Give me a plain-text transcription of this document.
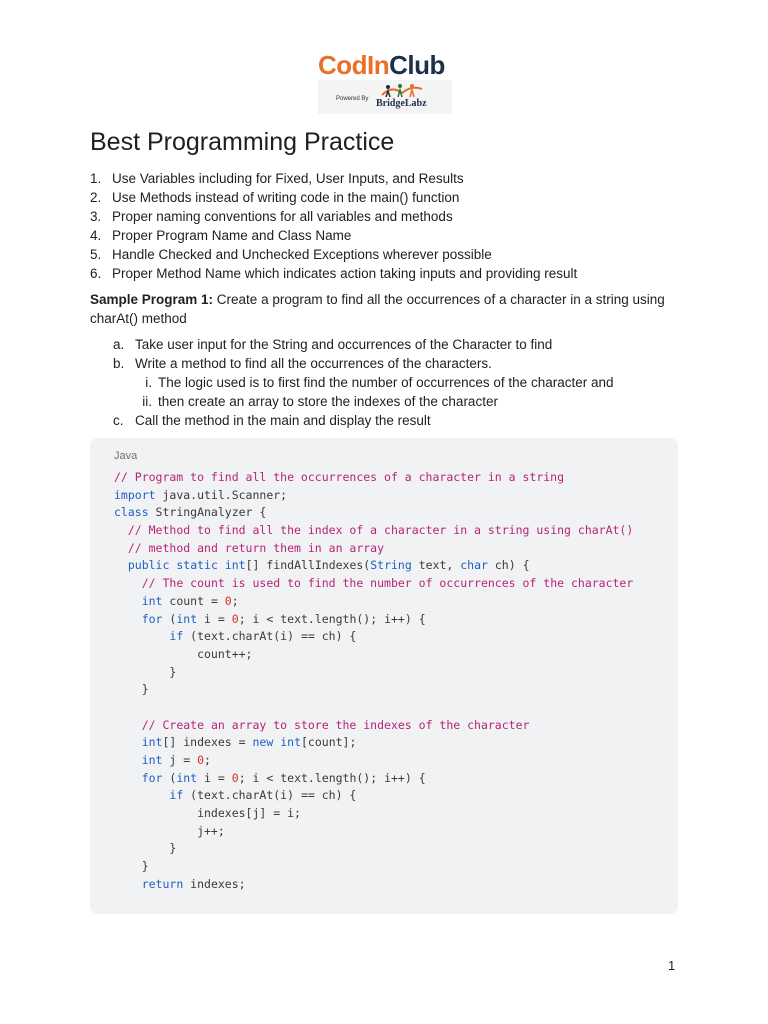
CodInClub
Powered By BridgeLabz
Best Programming Practice
1. Use Variables including for Fixed, User Inputs, and Results
2. Use Methods instead of writing code in the main() function
3. Proper naming conventions for all variables and methods
4. Proper Program Name and Class Name
5. Handle Checked and Unchecked Exceptions wherever possible
6. Proper Method Name which indicates action taking inputs and providing result
Sample Program 1: Create a program to find all the occurrences of a character in a string using charAt() method
a. Take user input for the String and occurrences of the Character to find
b. Write a method to find all the occurrences of the characters.
i. The logic used is to first find the number of occurrences of the character and
ii. then create an array to store the indexes of the character
c. Call the method in the main and display the result
Java
// Program to find all the occurrences of a character in a string
import java.util.Scanner;
class StringAnalyzer {
// Method to find all the index of a character in a string using charAt()
// method and return them in an array
public static int[] findAllIndexes(String text, char ch) {
// The count is used to find the number of occurrences of the character
int count = 0;
for (int i = 0; i < text.length(); i++) {
if (text.charAt(i) == ch) {
count++;
}
}

// Create an array to store the indexes of the character
int[] indexes = new int[count];
int j = 0;
for (int i = 0; i < text.length(); i++) {
if (text.charAt(i) == ch) {
indexes[j] = i;
j++;
}
}
return indexes;
1
